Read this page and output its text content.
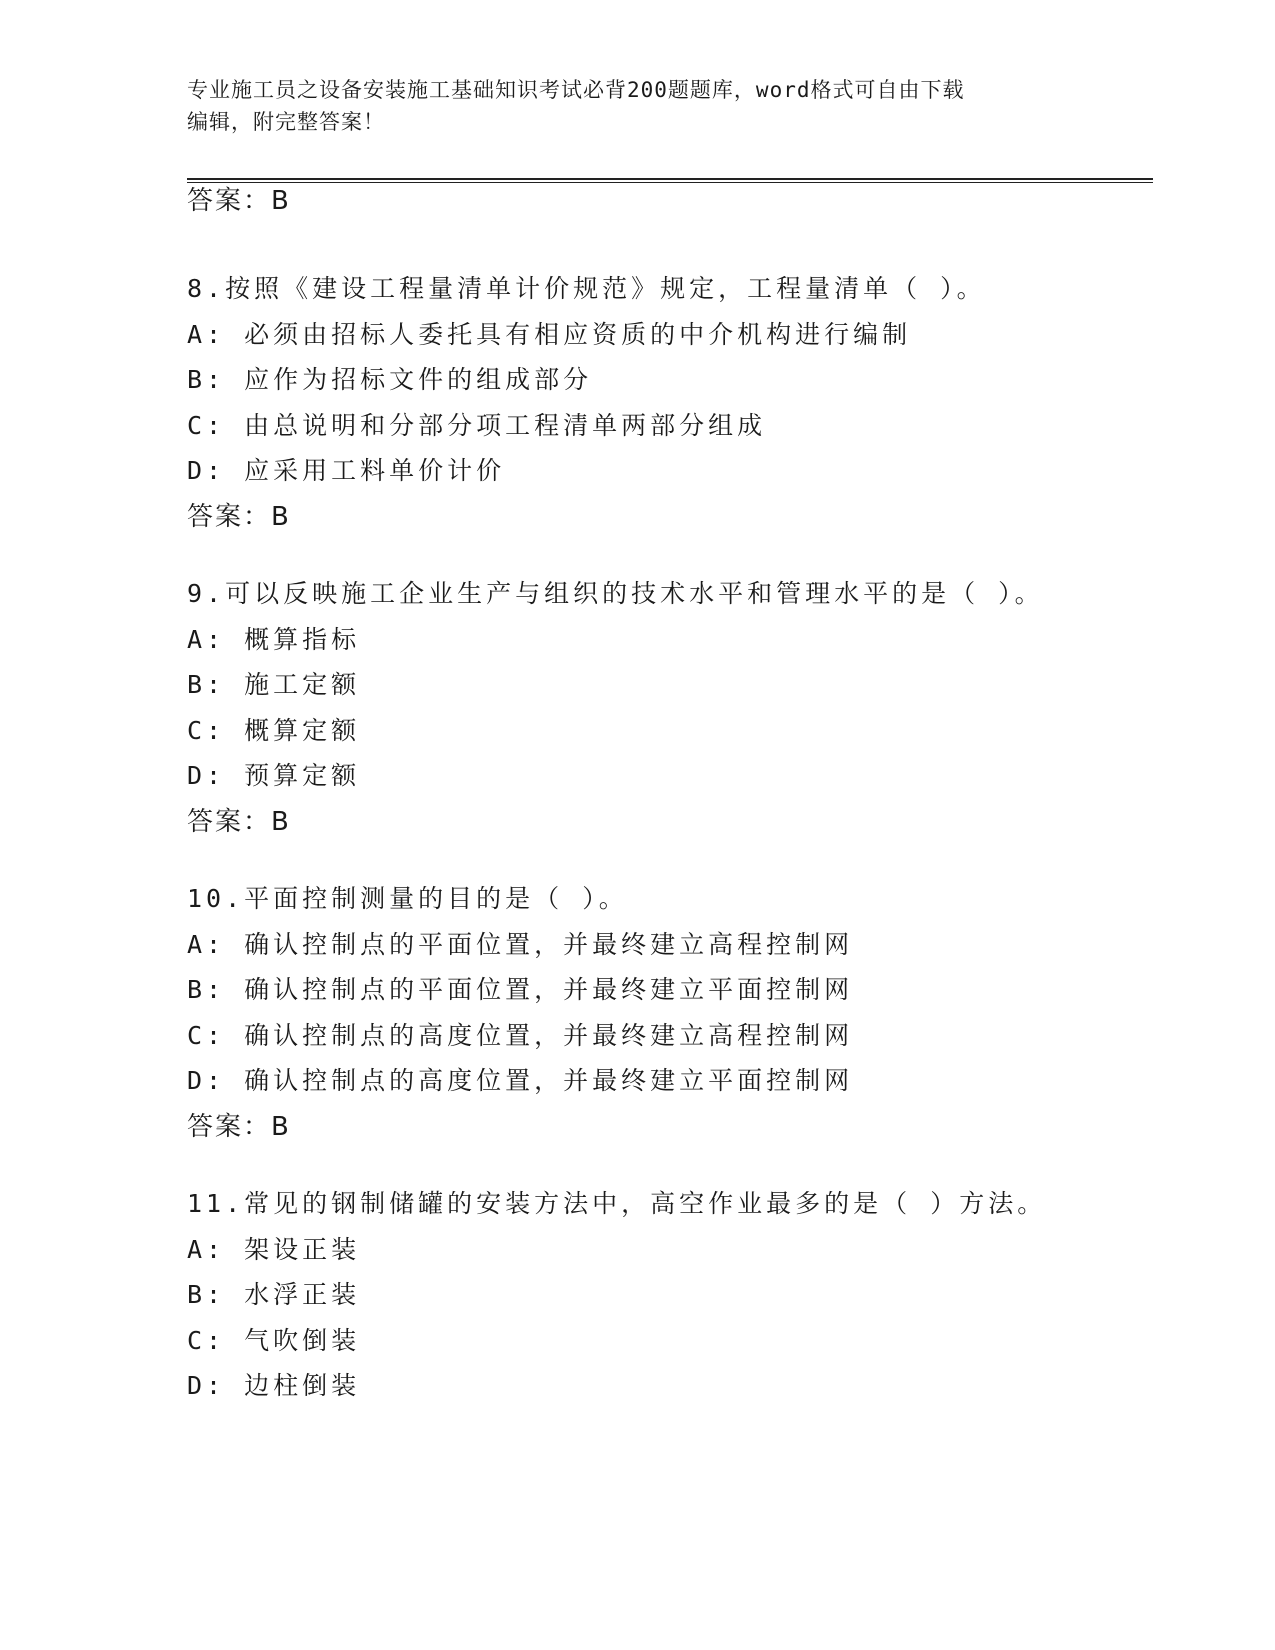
专业施工员之设备安装施工基础知识考试必背200题题库，word格式可自由下载
编辑，附完整答案！
答案：B
8.按照《建设工程量清单计价规范》规定，工程量清单（ ）。
A: 必须由招标人委托具有相应资质的中介机构进行编制
B: 应作为招标文件的组成部分
C: 由总说明和分部分项工程清单两部分组成
D: 应采用工料单价计价
答案：B
9.可以反映施工企业生产与组织的技术水平和管理水平的是（ ）。
A: 概算指标
B: 施工定额
C: 概算定额
D: 预算定额
答案：B
10.平面控制测量的目的是（ ）。
A: 确认控制点的平面位置，并最终建立高程控制网
B: 确认控制点的平面位置，并最终建立平面控制网
C: 确认控制点的高度位置，并最终建立高程控制网
D: 确认控制点的高度位置，并最终建立平面控制网
答案：B
11.常见的钢制储罐的安装方法中，高空作业最多的是（ ）方法。
A: 架设正装
B: 水浮正装
C: 气吹倒装
D: 边柱倒装
